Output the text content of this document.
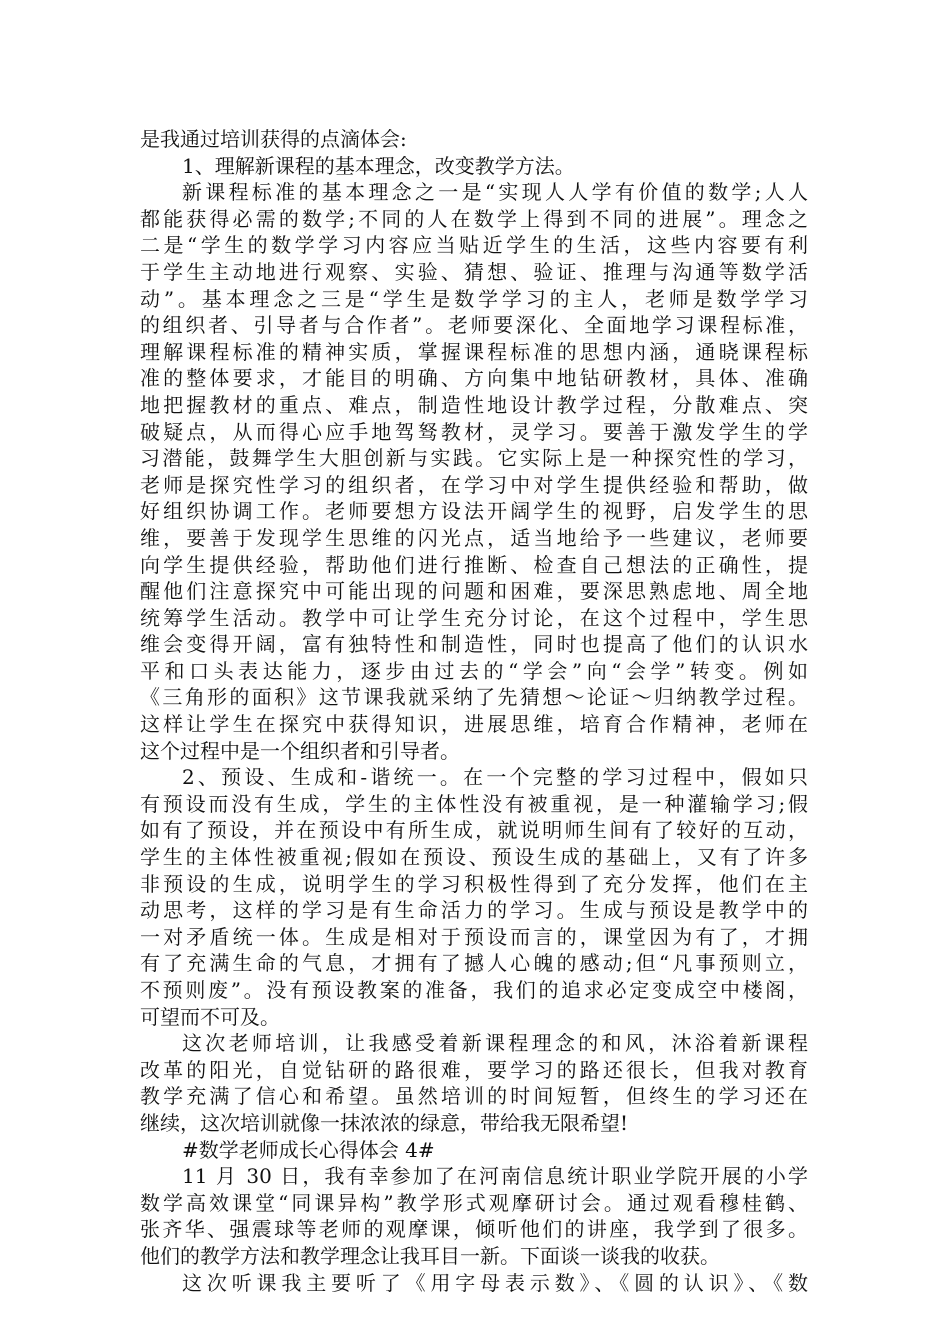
是我通过培训获得的点滴体会:
1、理解新课程的基本理念，改变教学方法。
新课程标准的基本理念之一是“实现人人学有价值的数学;人人
都能获得必需的数学;不同的人在数学上得到不同的进展”。理念之
二是“学生的数学学习内容应当贴近学生的生活，这些内容要有利
于学生主动地进行观察、实验、猜想、验证、推理与沟通等数学活
动”。基本理念之三是“学生是数学学习的主人，老师是数学学习
的组织者、引导者与合作者”。老师要深化、全面地学习课程标准，
理解课程标准的精神实质，掌握课程标准的思想内涵，通晓课程标
准的整体要求，才能目的明确、方向集中地钻研教材，具体、准确
地把握教材的重点、难点，制造性地设计教学过程，分散难点、突
破疑点，从而得心应手地驾驽教材，灵学习。要善于激发学生的学
习潜能，鼓舞学生大胆创新与实践。它实际上是一种探究性的学习，
老师是探究性学习的组织者，在学习中对学生提供经验和帮助，做
好组织协调工作。老师要想方设法开阔学生的视野，启发学生的思
维，要善于发现学生思维的闪光点，适当地给予一些建议，老师要
向学生提供经验，帮助他们进行推断、检查自己想法的正确性，提
醒他们注意探究中可能出现的问题和困难，要深思熟虑地、周全地
统筹学生活动。教学中可让学生充分讨论，在这个过程中，学生思
维会变得开阔，富有独特性和制造性，同时也提高了他们的认识水
平和口头表达能力，逐步由过去的“学会”向“会学”转变。例如
《三角形的面积》这节课我就采纳了先猜想～论证～归纳教学过程。
这样让学生在探究中获得知识，进展思维，培育合作精神，老师在
这个过程中是一个组织者和引导者。
2、预设、生成和-谐统一。在一个完整的学习过程中，假如只
有预设而没有生成，学生的主体性没有被重视，是一种灌输学习;假
如有了预设，并在预设中有所生成，就说明师生间有了较好的互动，
学生的主体性被重视;假如在预设、预设生成的基础上，又有了许多
非预设的生成，说明学生的学习积极性得到了充分发挥，他们在主
动思考，这样的学习是有生命活力的学习。生成与预设是教学中的
一对矛盾统一体。生成是相对于预设而言的，课堂因为有了，才拥
有了充满生命的气息，才拥有了撼人心魄的感动;但“凡事预则立，
不预则废”。没有预设教案的准备，我们的追求必定变成空中楼阁，
可望而不可及。
这次老师培训，让我感受着新课程理念的和风，沐浴着新课程
改革的阳光，自觉钻研的路很难，要学习的路还很长，但我对教育
教学充满了信心和希望。虽然培训的时间短暂，但终生的学习还在
继续，这次培训就像一抹浓浓的绿意，带给我无限希望!
#数学老师成长心得体会 4#
11 月 30 日，我有幸参加了在河南信息统计职业学院开展的小学
数学高效课堂“同课异构”教学形式观摩研讨会。通过观看穆桂鹤、
张齐华、强震球等老师的观摩课，倾听他们的讲座，我学到了很多。
他们的教学方法和教学理念让我耳目一新。下面谈一谈我的收获。
这次听课我主要听了《用字母表示数》、《圆的认识》、《数
